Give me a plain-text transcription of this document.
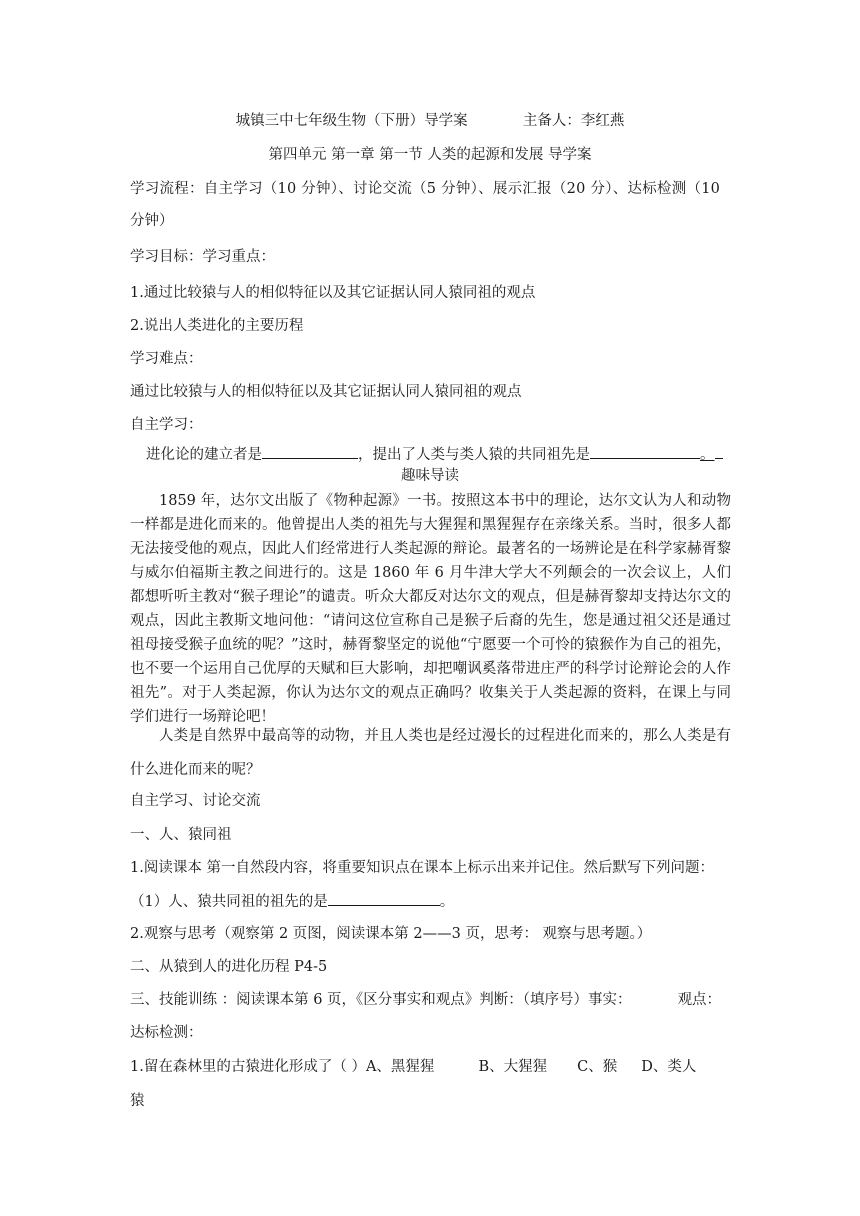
城镇三中七年级生物（下册）导学案	主备人：李红燕
第四单元 第一章 第一节 人类的起源和发展 导学案
学习流程：自主学习（10 分钟）、讨论交流（5 分钟）、展示汇报（20 分）、达标检测（10
分钟）
学习目标：学习重点：
1.通过比较猿与人的相似特征以及其它证据认同人猿同祖的观点
2.说出人类进化的主要历程
学习难点：
通过比较猿与人的相似特征以及其它证据认同人猿同祖的观点
自主学习：
进化论的建立者是	，提出了人类与类人猿的共同祖先是	。
趣味导读
1859 年，达尔文出版了《物种起源》一书。按照这本书中的理论，达尔文认为人和动物一样都是进化而来的。他曾提出人类的祖先与大猩猩和黑猩猩存在亲缘关系。当时，很多人都无法接受他的观点，因此人们经常进行人类起源的辩论。最著名的一场辨论是在科学家赫胥黎与威尔伯福斯主教之间进行的。这是 1860 年 6 月牛津大学大不列颠会的一次会议上，人们都想听听主教对“猴子理论”的谴责。听众大都反对达尔文的观点，但是赫胥黎却支持达尔文的观点，因此主教斯文地问他：“请问这位宣称自己是猴子后裔的先生，您是通过祖父还是通过祖母接受猴子血统的呢？”这时，赫胥黎坚定的说他“宁愿要一个可怜的猿猴作为自己的祖先，也不要一个运用自己优厚的天赋和巨大影响，却把嘲讽奚落带进庄严的科学讨论辩论会的人作祖先”。对于人类起源，你认为达尔文的观点正确吗？收集关于人类起源的资料，在课上与同学们进行一场辩论吧！
人类是自然界中最高等的动物，并且人类也是经过漫长的过程进化而来的，那么人类是有什么进化而来的呢？
自主学习、讨论交流
一、人、猿同祖
1.阅读课本 第一自然段内容，将重要知识点在课本上标示出来并记住。然后默写下列问题：
（1）人、猿共同祖的祖先的是	。
2.观察与思考（观察第 2 页图，阅读课本第 2——3 页，思考： 观察与思考题。）
二、从猿到人的进化历程 P4-5
三、技能训练 ：阅读课本第 6 页，《区分事实和观点》判断：（填序号）事实：	观点：
达标检测：
1.留在森林里的古猿进化形成了（ ）A、黑猩猩	B、大猩猩 C、猴 D、类人
猿
